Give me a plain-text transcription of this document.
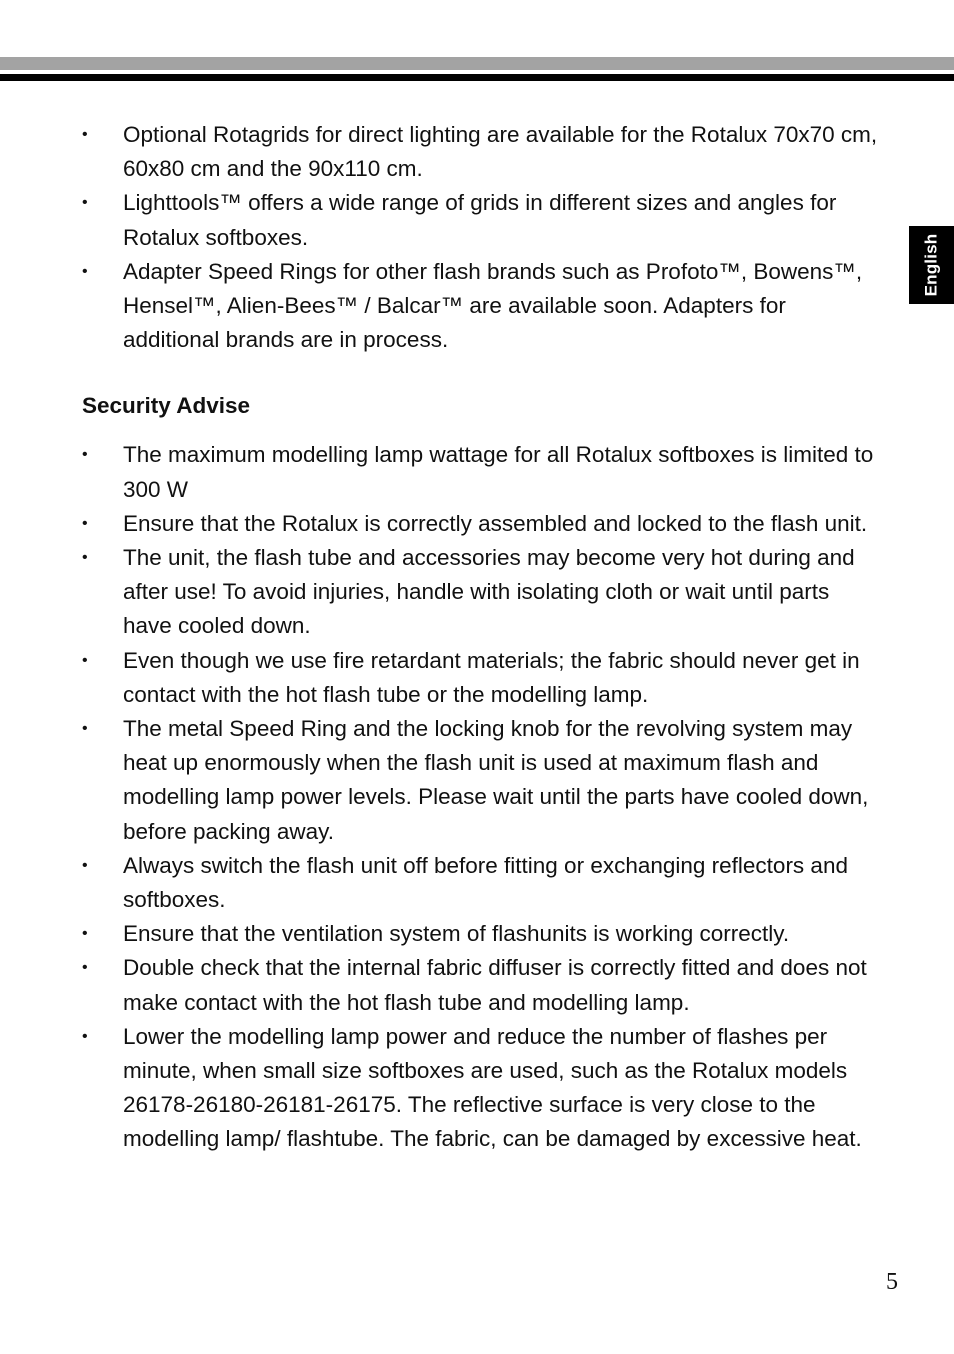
English
• Optional Rotagrids for direct lighting are available for the Rotalux 70x70 cm, 60x80 cm and the 90x110 cm.
• Lighttools™ offers a wide range of grids in different sizes and angles for Rotalux softboxes.
• Adapter Speed Rings for other flash brands such as Profoto™, Bowens™, Hensel™, Alien-Bees™ / Balcar™ are available soon. Adapters for additional brands are in process.
Security Advise
• The maximum modelling lamp wattage for all Rotalux softboxes is limited to 300 W
• Ensure that the Rotalux is correctly assembled and locked to the flash unit.
• The unit, the flash tube and accessories may become very hot during and after use! To avoid injuries, handle with isolating cloth or wait until parts have cooled down.
• Even though we use fire retardant materials; the fabric should never get in contact with the hot flash tube or the modelling lamp.
• The metal Speed Ring and the locking knob for the revolving system may heat up enormously when the flash unit is used at maximum flash and modelling lamp power levels. Please wait until the parts have cooled down, before packing away.
• Always switch the flash unit off before fitting or exchanging reflectors and softboxes.
• Ensure that the ventilation system of flashunits is working correctly.
• Double check that the internal fabric diffuser is correctly fitted and does not make contact with the hot flash tube and modelling lamp.
• Lower the modelling lamp power and reduce the number of flashes per minute, when small size softboxes are used, such as the Rotalux models 26178-26180-26181-26175. The reflective surface is very close to the modelling lamp/ flashtube. The fabric, can be damaged by excessive heat.
5
